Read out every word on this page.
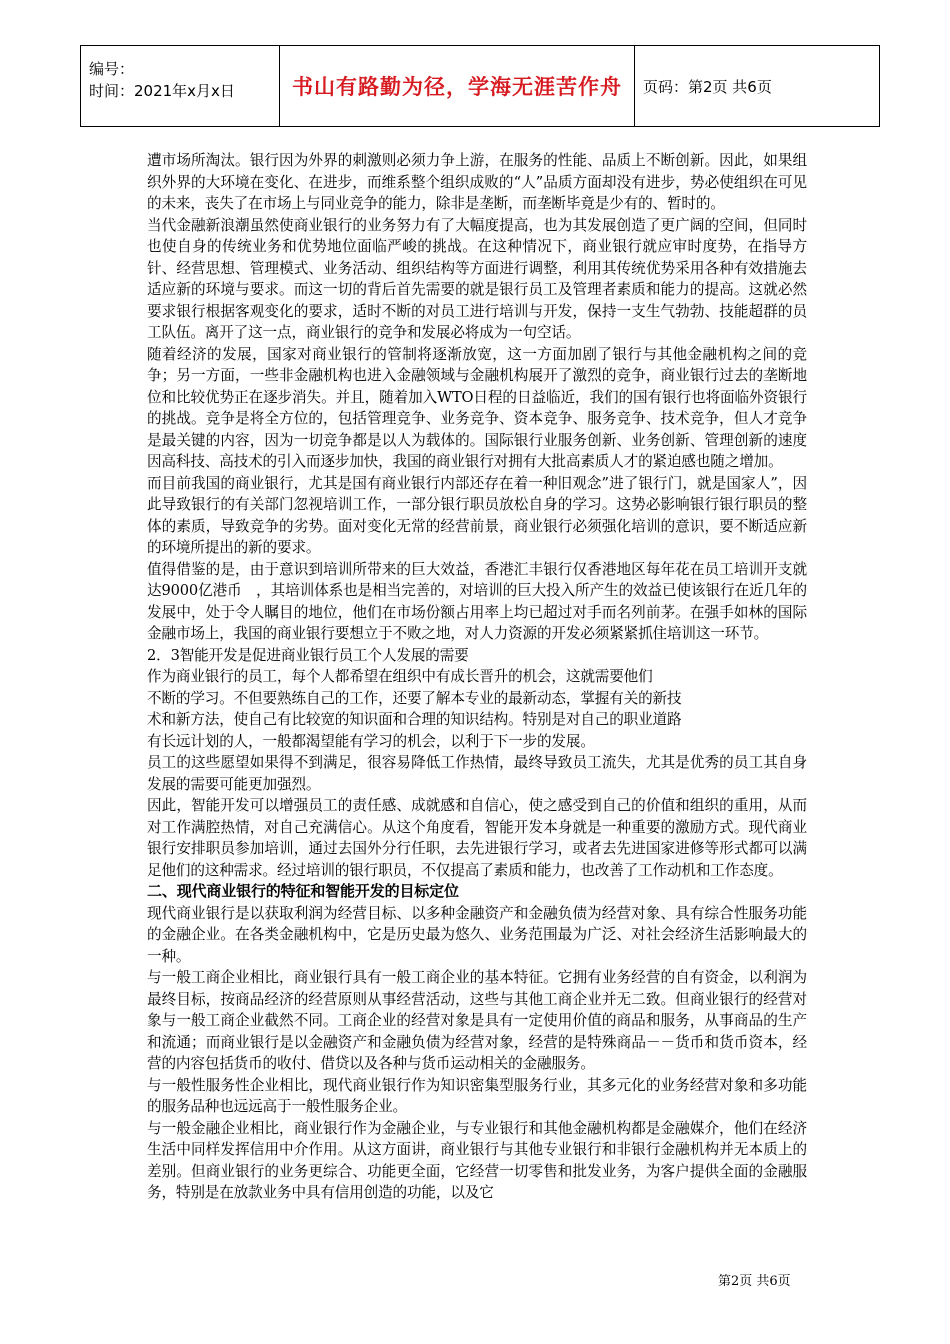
编号：
时间：2021年x月x日	书山有路勤为径，学海无涯苦作舟	页码：第2页 共6页

遭市场所淘汰。银行因为外界的刺激则必须力争上游，在服务的性能、品质上不断创新。因此，如果组织外界的大环境在变化、在进步，而维系整个组织成败的“人”品质方面却没有进步，势必使组织在可见的未来，丧失了在市场上与同业竞争的能力，除非是垄断，而垄断毕竟是少有的、暂时的。

当代金融新浪潮虽然使商业银行的业务努力有了大幅度提高，也为其发展创造了更广阔的空间，但同时也使自身的传统业务和优势地位面临严峻的挑战。在这种情况下，商业银行就应审时度势，在指导方针、经营思想、管理模式、业务活动、组织结构等方面进行调整，利用其传统优势采用各种有效措施去适应新的环境与要求。而这一切的背后首先需要的就是银行员工及管理者素质和能力的提高。这就必然要求银行根据客观变化的要求，适时不断的对员工进行培训与开发，保持一支生气勃勃、技能超群的员工队伍。离开了这一点，商业银行的竞争和发展必将成为一句空话。

随着经济的发展，国家对商业银行的管制将逐渐放宽，这一方面加剧了银行与其他金融机构之间的竞争；另一方面，一些非金融机构也进入金融领域与金融机构展开了激烈的竞争，商业银行过去的垄断地位和比较优势正在逐步消失。并且，随着加入WTO日程的日益临近，我们的国有银行也将面临外资银行的挑战。竞争是将全方位的，包括管理竞争、业务竞争、资本竞争、服务竞争、技术竞争，但人才竞争是最关键的内容，因为一切竞争都是以人为载体的。国际银行业服务创新、业务创新、管理创新的速度因高科技、高技术的引入而逐步加快，我国的商业银行对拥有大批高素质人才的紧迫感也随之增加。

而目前我国的商业银行，尤其是国有商业银行内部还存在着一种旧观念”进了银行门，就是国家人”，因此导致银行的有关部门忽视培训工作，一部分银行职员放松自身的学习。这势必影响银行银行职员的整体的素质，导致竞争的劣势。面对变化无常的经营前景，商业银行必须强化培训的意识，要不断适应新的环境所提出的新的要求。

值得借鉴的是，由于意识到培训所带来的巨大效益，香港汇丰银行仅香港地区每年花在员工培训开支就达9000亿港币　，其培训体系也是相当完善的，对培训的巨大投入所产生的效益已使该银行在近几年的发展中，处于令人瞩目的地位，他们在市场份额占用率上均已超过对手而名列前茅。在强手如林的国际金融市场上，我国的商业银行要想立于不败之地，对人力资源的开发必须紧紧抓住培训这一环节。

2．3智能开发是促进商业银行员工个人发展的需要

作为商业银行的员工，每个人都希望在组织中有成长晋升的机会，这就需要他们

不断的学习。不但要熟练自己的工作，还要了解本专业的最新动态，掌握有关的新技

术和新方法，使自己有比较宽的知识面和合理的知识结构。特别是对自己的职业道路

有长远计划的人，一般都渴望能有学习的机会，以利于下一步的发展。

员工的这些愿望如果得不到满足，很容易降低工作热情，最终导致员工流失，尤其是优秀的员工其自身发展的需要可能更加强烈。

因此，智能开发可以增强员工的责任感、成就感和自信心，使之感受到自己的价值和组织的重用，从而对工作满腔热情，对自己充满信心。从这个角度看，智能开发本身就是一种重要的激励方式。现代商业银行安排职员参加培训，通过去国外分行任职，去先进银行学习，或者去先进国家进修等形式都可以满足他们的这种需求。经过培训的银行职员，不仅提高了素质和能力，也改善了工作动机和工作态度。

二、现代商业银行的特征和智能开发的目标定位

现代商业银行是以获取利润为经营目标、以多种金融资产和金融负债为经营对象、具有综合性服务功能的金融企业。在各类金融机构中，它是历史最为悠久、业务范围最为广泛、对社会经济生活影响最大的一种。

与一般工商企业相比，商业银行具有一般工商企业的基本特征。它拥有业务经营的自有资金，以利润为最终目标，按商品经济的经营原则从事经营活动，这些与其他工商企业并无二致。但商业银行的经营对象与一般工商企业截然不同。工商企业的经营对象是具有一定使用价值的商品和服务，从事商品的生产和流通；而商业银行是以金融资产和金融负债为经营对象，经营的是特殊商品－－货币和货币资本，经营的内容包括货币的收付、借贷以及各种与货币运动相关的金融服务。

与一般性服务性企业相比，现代商业银行作为知识密集型服务行业，其多元化的业务经营对象和多功能的服务品种也远远高于一般性服务企业。

与一般金融企业相比，商业银行作为金融企业，与专业银行和其他金融机构都是金融媒介，他们在经济生活中同样发挥信用中介作用。从这方面讲，商业银行与其他专业银行和非银行金融机构并无本质上的差别。但商业银行的业务更综合、功能更全面，它经营一切零售和批发业务，为客户提供全面的金融服务，特别是在放款业务中具有信用创造的功能，以及它

第2页 共6页
